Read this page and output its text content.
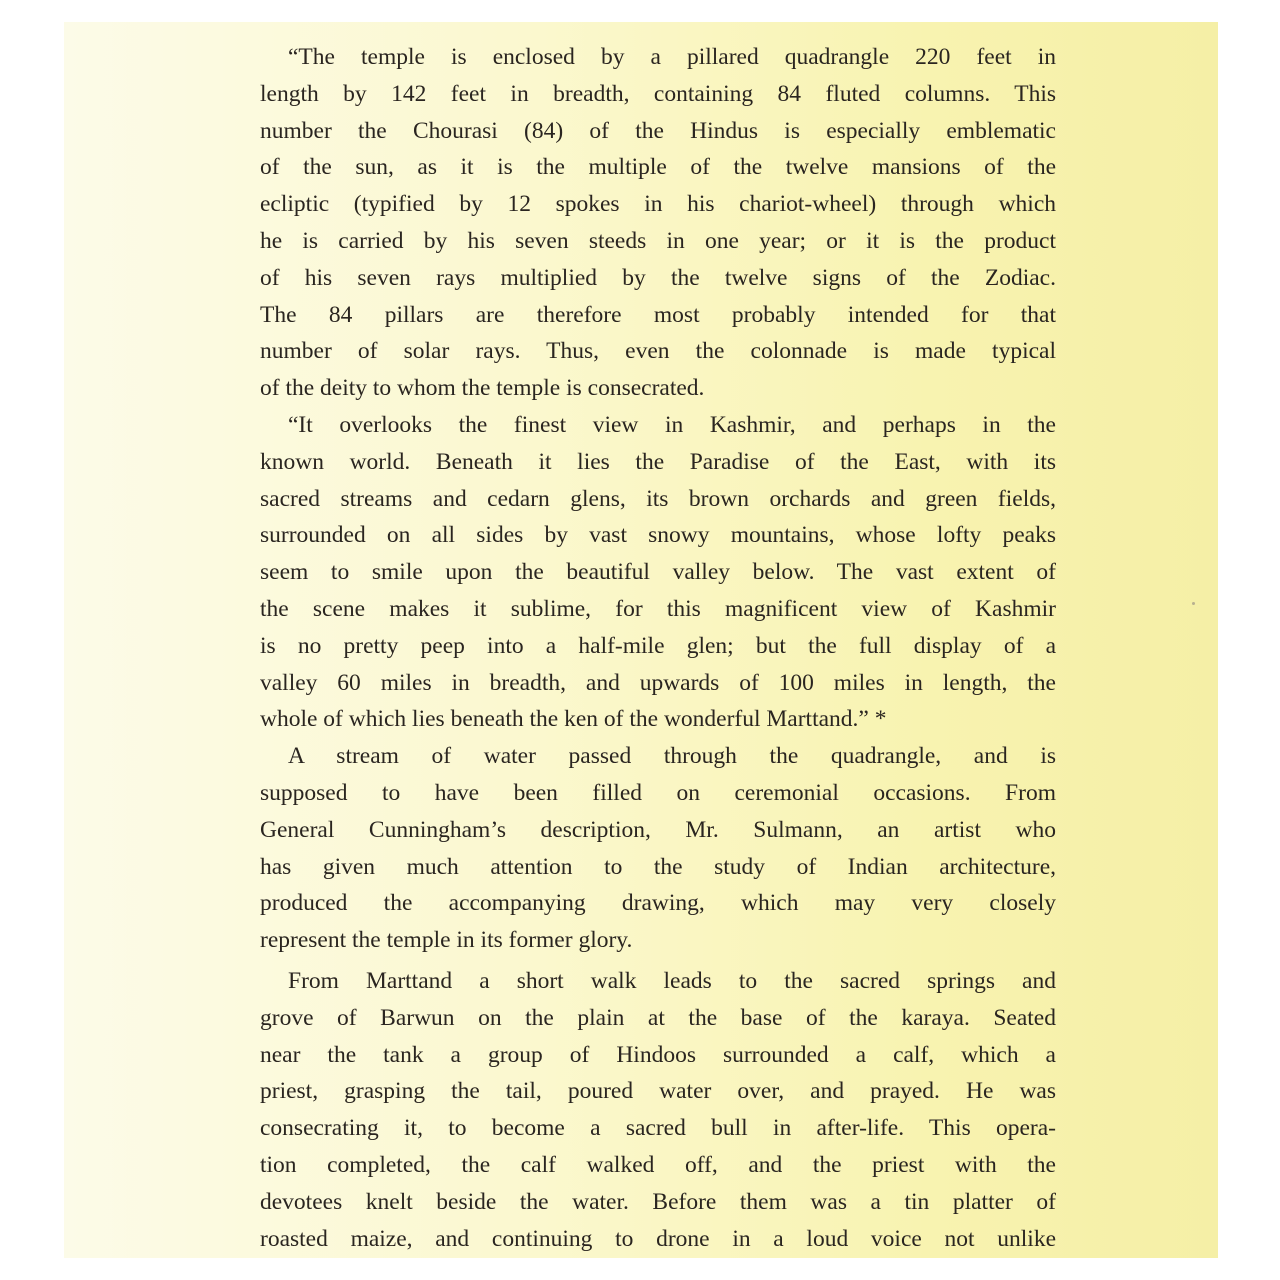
“The temple is enclosed by a pillared quadrangle 220 feet in
length by 142 feet in breadth, containing 84 fluted columns. This
number the Chourasi (84) of the Hindus is especially emblematic
of the sun, as it is the multiple of the twelve mansions of the
ecliptic (typified by 12 spokes in his chariot-wheel) through which
he is carried by his seven steeds in one year; or it is the product
of his seven rays multiplied by the twelve signs of the Zodiac.
The 84 pillars are therefore most probably intended for that
number of solar rays. Thus, even the colonnade is made typical
of the deity to whom the temple is consecrated.
“It overlooks the finest view in Kashmir, and perhaps in the
known world. Beneath it lies the Paradise of the East, with its
sacred streams and cedarn glens, its brown orchards and green fields,
surrounded on all sides by vast snowy mountains, whose lofty peaks
seem to smile upon the beautiful valley below. The vast extent of
the scene makes it sublime, for this magnificent view of Kashmir
is no pretty peep into a half-mile glen; but the full display of a
valley 60 miles in breadth, and upwards of 100 miles in length, the
whole of which lies beneath the ken of the wonderful Marttand.” *
A stream of water passed through the quadrangle, and is
supposed to have been filled on ceremonial occasions. From
General Cunningham’s description, Mr. Sulmann, an artist who
has given much attention to the study of Indian architecture,
produced the accompanying drawing, which may very closely
represent the temple in its former glory.
From Marttand a short walk leads to the sacred springs and
grove of Barwun on the plain at the base of the karaya. Seated
near the tank a group of Hindoos surrounded a calf, which a
priest, grasping the tail, poured water over, and prayed. He was
consecrating it, to become a sacred bull in after-life. This opera-
tion completed, the calf walked off, and the priest with the
devotees knelt beside the water. Before them was a tin platter of
roasted maize, and continuing to drone in a loud voice not unlike
